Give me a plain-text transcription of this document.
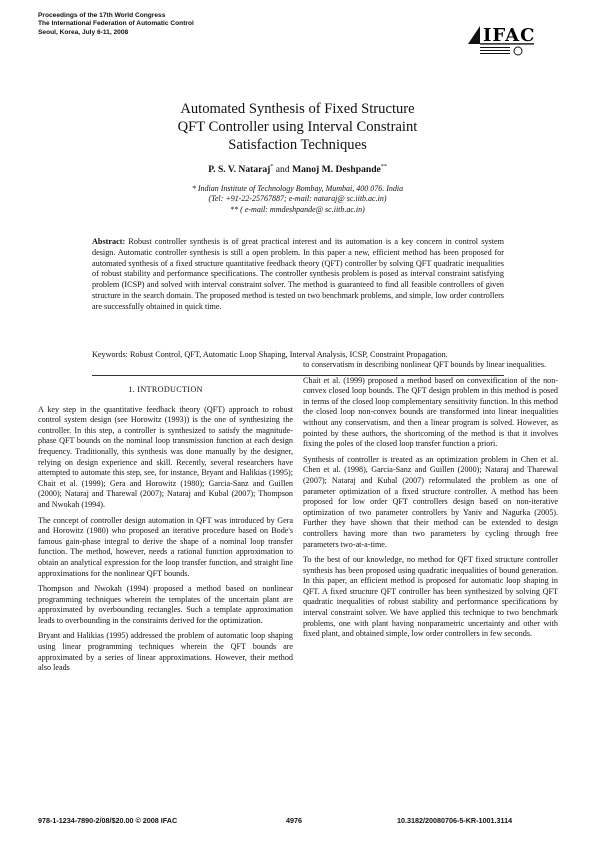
Proceedings of the 17th World Congress
The International Federation of Automatic Control
Seoul, Korea, July 6-11, 2008	IFAC
Automated Synthesis of Fixed Structure
QFT Controller using Interval Constraint
Satisfaction Techniques
P. S. V. Nataraj* and Manoj M. Deshpande**
* Indian Institute of Technology Bombay, Mumbai, 400 076. India
(Tel: +91-22-25767887; e-mail: nataraj@ sc.iitb.ac.in)
** ( e-mail: mmdeshpande@ sc.iitb.ac.in)
Abstract: Robust controller synthesis is of great practical interest and its automation is a key concern in control system design. Automatic controller synthesis is still a open problem. In this paper a new, efficient method has been proposed for automated synthesis of a fixed structure quantitative feedback theory (QFT) controller by solving QFT quadratic inequalities of robust stability and performance specifications. The controller synthesis problem is posed as interval constraint satisfying problem (ICSP) and solved with interval constraint solver. The method is guaranteed to find all feasible controllers of given structure in the search domain. The proposed method is tested on two benchmark problems, and simple, low order controllers are successfully obtained in quick time.
Keywords: Robust Control, QFT, Automatic Loop Shaping, Interval Analysis, ICSP, Constraint Propagation.
1. INTRODUCTION

A key step in the quantitative feedback theory (QFT) approach to robust control system design (see Horowitz (1993)) is the one of synthesizing the controller. In this step, a controller is synthesized to satisfy the magnitude-phase QFT bounds on the nominal loop transmission function at each design frequency. Traditionally, this synthesis was done manually by the designer, relying on design experience and skill. Recently, several researchers have attempted to automate this step, see, for instance, Bryant and Halikias (1995); Chait et al. (1999); Gera and Horowitz (1980); Garcia-Sanz and Guillen (2000); Nataraj and Tharewal (2007); Nataraj and Kubal (2007); Thompson and Nwokah (1994).

The concept of controller design automation in QFT was introduced by Gera and Horowitz (1980) who proposed an iterative procedure based on Bode's famous gain-phase integral to derive the shape of a nominal loop transfer function. The method, however, needs a rational function approximation to obtain an analytical expression for the loop transfer function, and straight line approximations for the nonlinear QFT bounds.

Thompson and Nwokah (1994) proposed a method based on nonlinear programming techniques wherein the templates of the uncertain plant are approximated by overbounding rectangles. Such a template approximation leads to overbounding in the constraints derived for the optimization.

Bryant and Halikias (1995) addressed the problem of automatic loop shaping using linear programming techniques wherein the QFT bounds are approximated by a series of linear approximations. However, their method also leads

to conservatism in describing nonlinear QFT bounds by linear inequalities.

Chait et al. (1999) proposed a method based on convexification of the non-convex closed loop bounds. The QFT design problem in this method is posed in terms of the closed loop complementary sensitivity function. In this method the closed loop non-convex bounds are transformed into linear inequalities without any conservatism, and then a linear program is solved. However, as pointed by these authors, the shortcoming of the method is that it involves fixing the poles of the closed loop transfer function a priori.

Synthesis of controller is treated as an optimization problem in Chen et al. Chen et al. (1998), Garcia-Sanz and Guillen (2000); Nataraj and Tharewal (2007); Nataraj and Kubal (2007) reformulated the problem as one of parameter optimization of a fixed structure controller. A method has been proposed for low order QFT controllers design based on non-iterative optimization of two parameter controllers by Yaniv and Nagurka (2005). Further they have shown that their method can be extended to design controllers having more than two parameters by cycling through free parameters two-at-a-time.

To the best of our knowledge, no method for QFT fixed structure controller synthesis has been proposed using quadratic inequalities of bound generation. In this paper, an efficient method is proposed for automatic loop shaping in QFT. A fixed structure QFT controller has been synthesized by solving QFT quadratic inequalities of robust stability and performance specifications by interval constraint solver. We have applied this technique to two benchmark problems, one with plant having nonparametric uncertainty and other with fixed plant, and obtained simple, low order controllers in few seconds.

978-1-1234-7890-2/08/$20.00 © 2008 IFAC	4976	10.3182/20080706-5-KR-1001.3114
